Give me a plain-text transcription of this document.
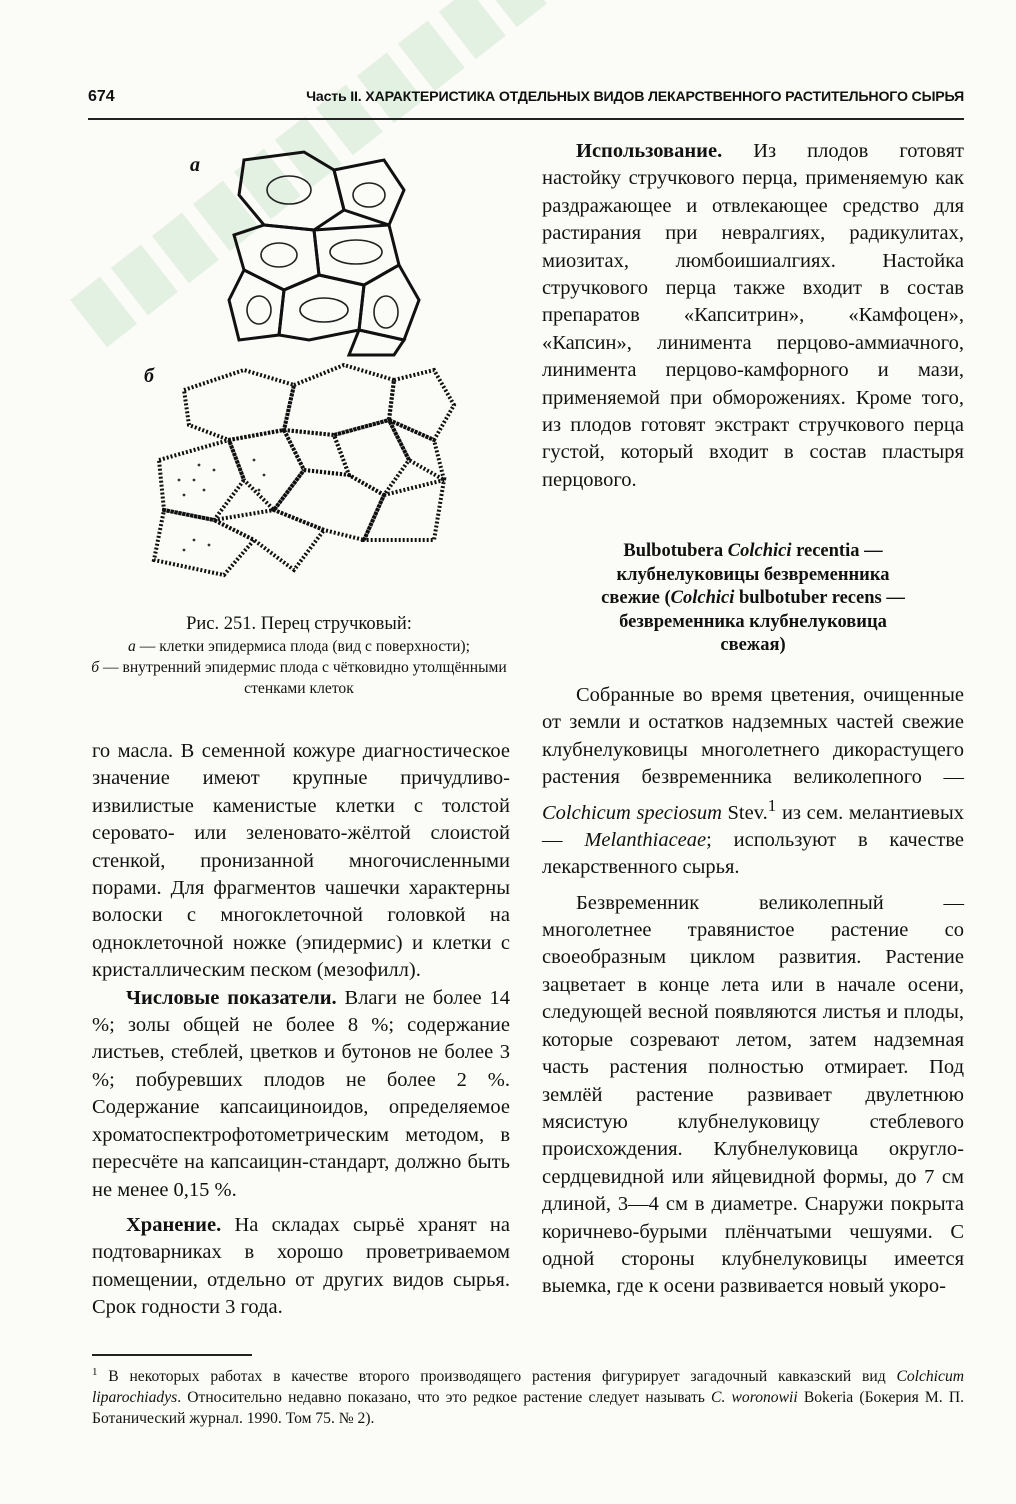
674	Часть II. ХАРАКТЕРИСТИКА ОТДЕЛЬНЫХ ВИДОВ ЛЕКАРСТВЕННОГО РАСТИТЕЛЬНОГО СЫРЬЯ
а
б
Рис. 251. Перец стручковый:
а — клетки эпидермиса плода (вид с поверхности);
б — внутренний эпидермис плода с чётковидно утолщёнными стенками клеток

го масла. В семенной кожуре диагностическое значение имеют крупные причудливо-извилистые каменистые клетки с толстой серовато- или зеленовато-жёлтой слоистой стенкой, пронизанной многочисленными порами. Для фрагментов чашечки характерны волоски с многоклеточной головкой на одноклеточной ножке (эпидермис) и клетки с кристаллическим песком (мезофилл).

Числовые показатели. Влаги не более 14 %; золы общей не более 8 %; содержание листьев, стеблей, цветков и бутонов не более 3 %; побуревших плодов не более 2 %. Содержание капсаициноидов, определяемое хроматоспектрофотометрическим методом, в пересчёте на капсаицин-стандарт, должно быть не менее 0,15 %.

Хранение. На складах сырьё хранят на подтоварниках в хорошо проветриваемом помещении, отдельно от других видов сырья. Срок годности 3 года.

Использование. Из плодов готовят настойку стручкового перца, применяемую как раздражающее и отвлекающее средство для растирания при невралгиях, радикулитах, миозитах, люмбоишиалгиях. Настойка стручкового перца также входит в состав препаратов «Капситрин», «Камфоцен», «Капсин», линимента перцово-аммиачного, линимента перцово-камфорного и мази, применяемой при обморожениях. Кроме того, из плодов готовят экстракт стручкового перца густой, который входит в состав пластыря перцового.

Bulbotubera Colchici recentia —
клубнелуковицы безвременника
свежие (Colchici bulbotuber recens —
безвременника клубнелуковица
свежая)

Собранные во время цветения, очищенные от земли и остатков надземных частей свежие клубнелуковицы многолетнего дикорастущего растения безвременника великолепного — Colchicum speciosum Stev.$^1$ из сем. мелантиевых — Melanthiaceae; используют в качестве лекарственного сырья.

Безвременник великолепный — многолетнее травянистое растение со своеобразным циклом развития. Растение зацветает в конце лета или в начале осени, следующей весной появляются листья и плоды, которые созревают летом, затем надземная часть растения полностью отмирает. Под землёй растение развивает двулетнюю мясистую клубнелуковицу стеблевого происхождения. Клубнелуковица округло-сердцевидной или яйцевидной формы, до 7 см длиной, 3—4 см в диаметре. Снаружи покрыта коричнево-бурыми плёнчатыми чешуями. С одной стороны клубнелуковицы имеется выемка, где к осени развивается новый укоро-

$^1$ В некоторых работах в качестве второго производящего растения фигурирует загадочный кавказский вид Colchicum liparochiadys. Относительно недавно показано, что это редкое растение следует называть C. woronowii Bokeria (Бокерия М. П. Ботанический журнал. 1990. Том 75. № 2).
